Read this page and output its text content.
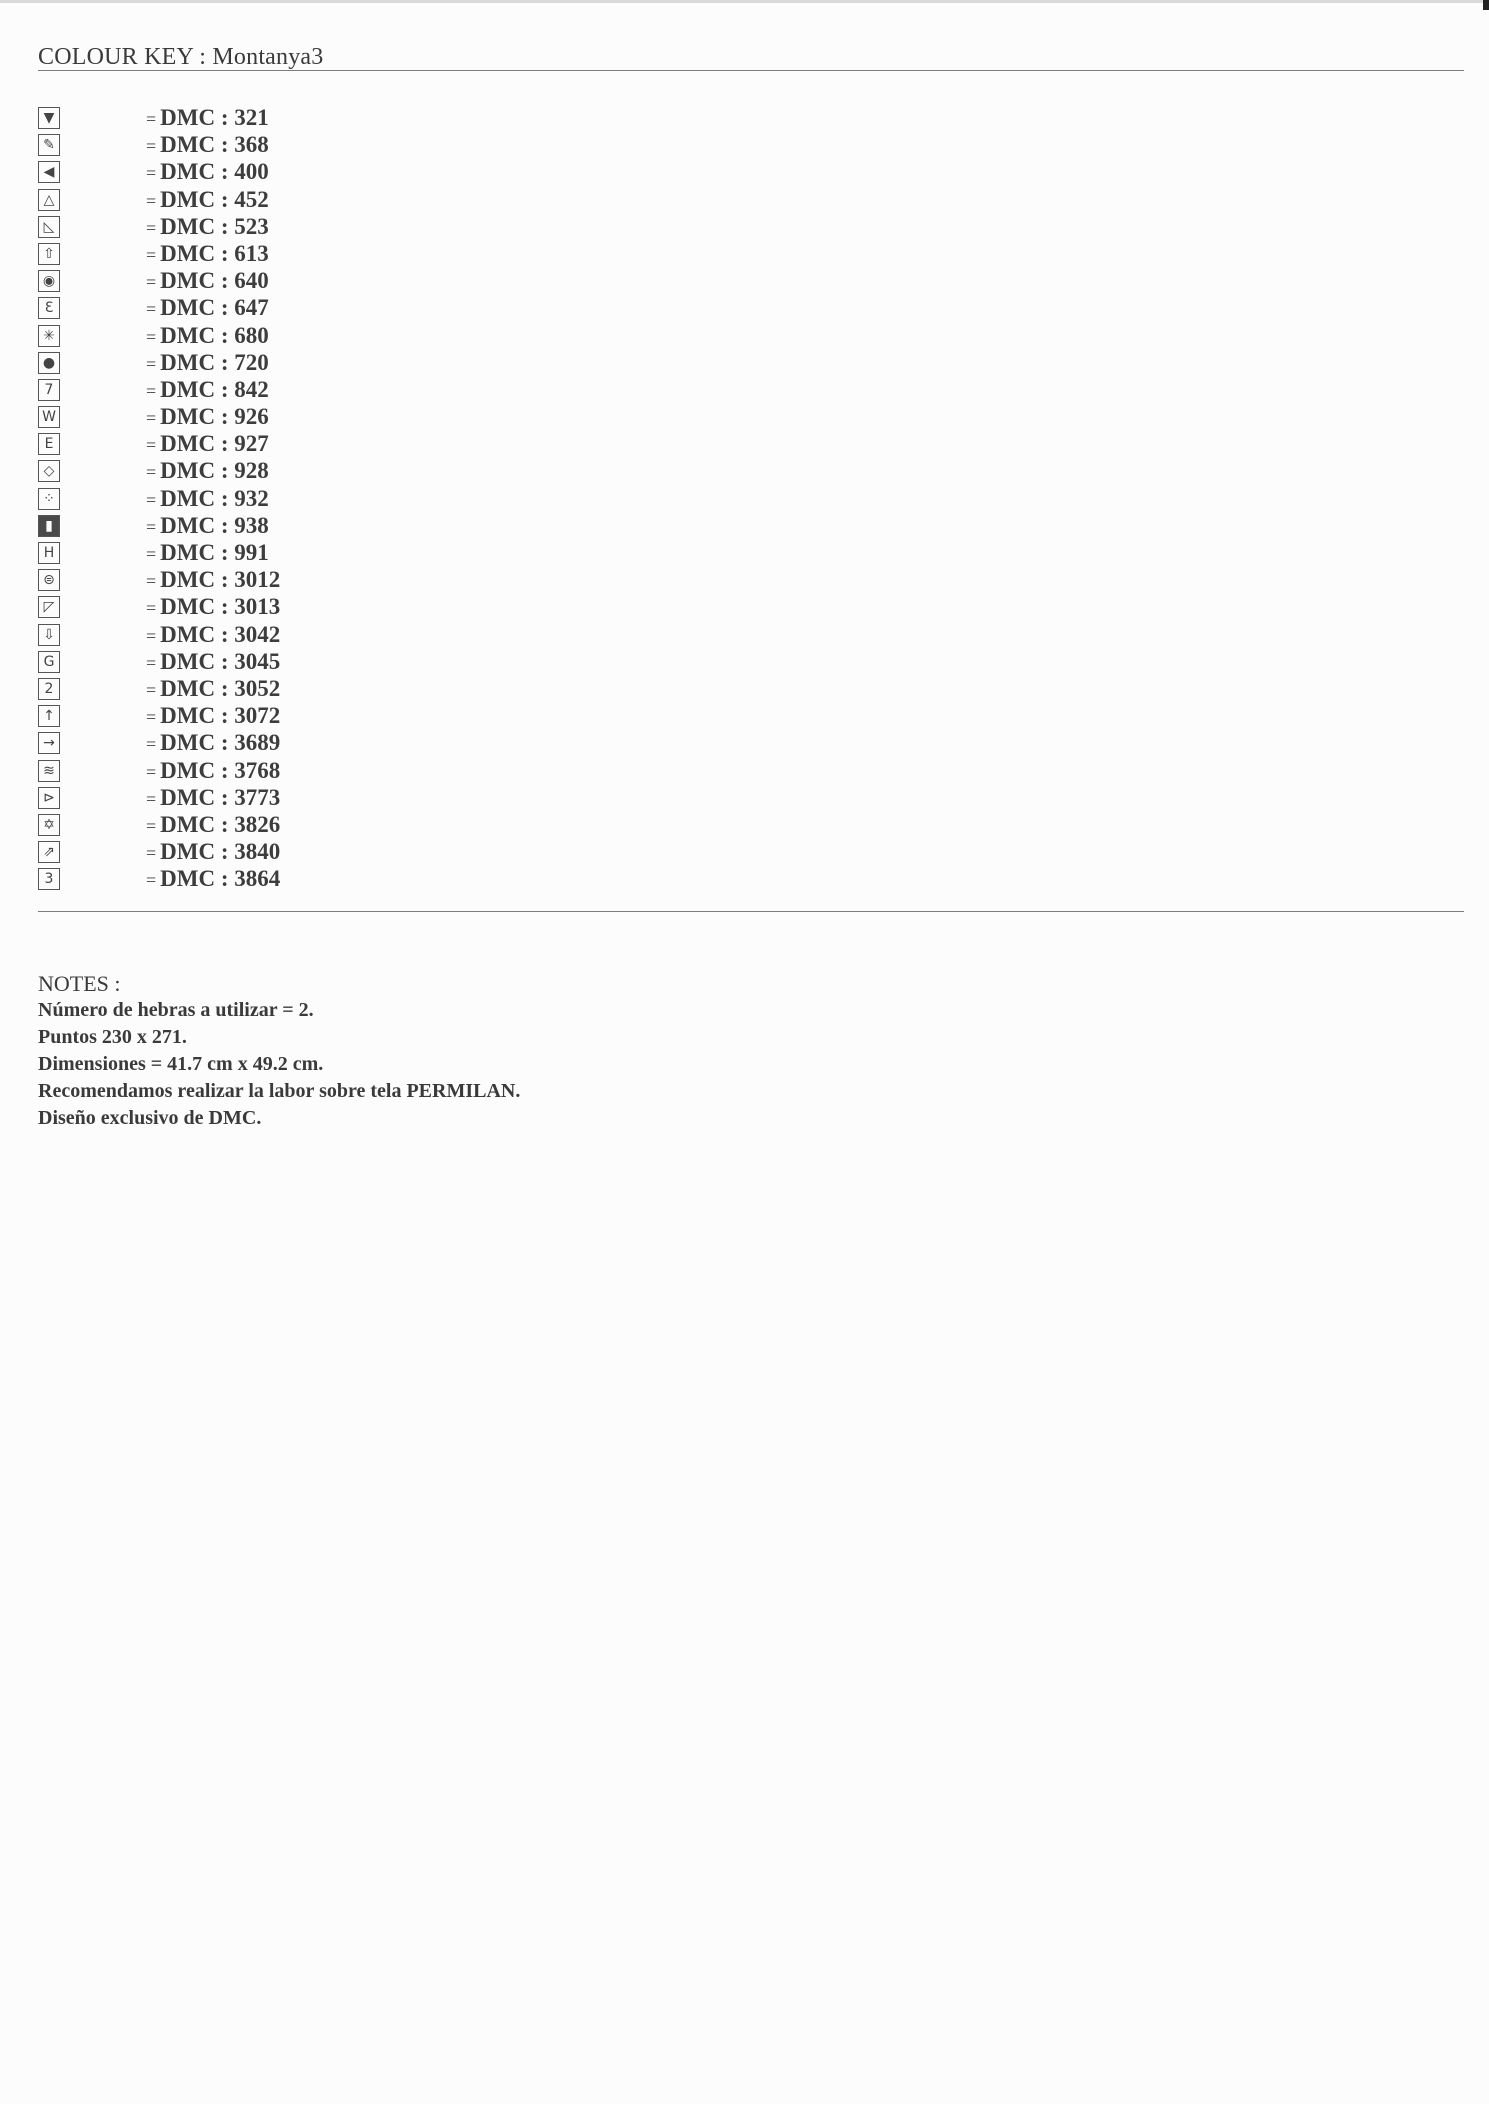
COLOUR KEY : Montanya3
▼	= DMC : 321
✎	= DMC : 368
◀	= DMC : 400
△	= DMC : 452
◺	= DMC : 523
⇧	= DMC : 613
◉	= DMC : 640
Ɛ	= DMC : 647
✳	= DMC : 680
●	= DMC : 720
7	= DMC : 842
W	= DMC : 926
E	= DMC : 927
◇	= DMC : 928
⁘	= DMC : 932
▮	= DMC : 938
H	= DMC : 991
⊜	= DMC : 3012
◸	= DMC : 3013
⇩	= DMC : 3042
G	= DMC : 3045
2	= DMC : 3052
↑	= DMC : 3072
→	= DMC : 3689
≋	= DMC : 3768
⊳	= DMC : 3773
✡	= DMC : 3826
⇗	= DMC : 3840
3	= DMC : 3864
NOTES :
Número de hebras a utilizar = 2.
Puntos 230 x 271.
Dimensiones = 41.7 cm x 49.2 cm.
Recomendamos realizar la labor sobre tela PERMILAN.
Diseño exclusivo de DMC.
